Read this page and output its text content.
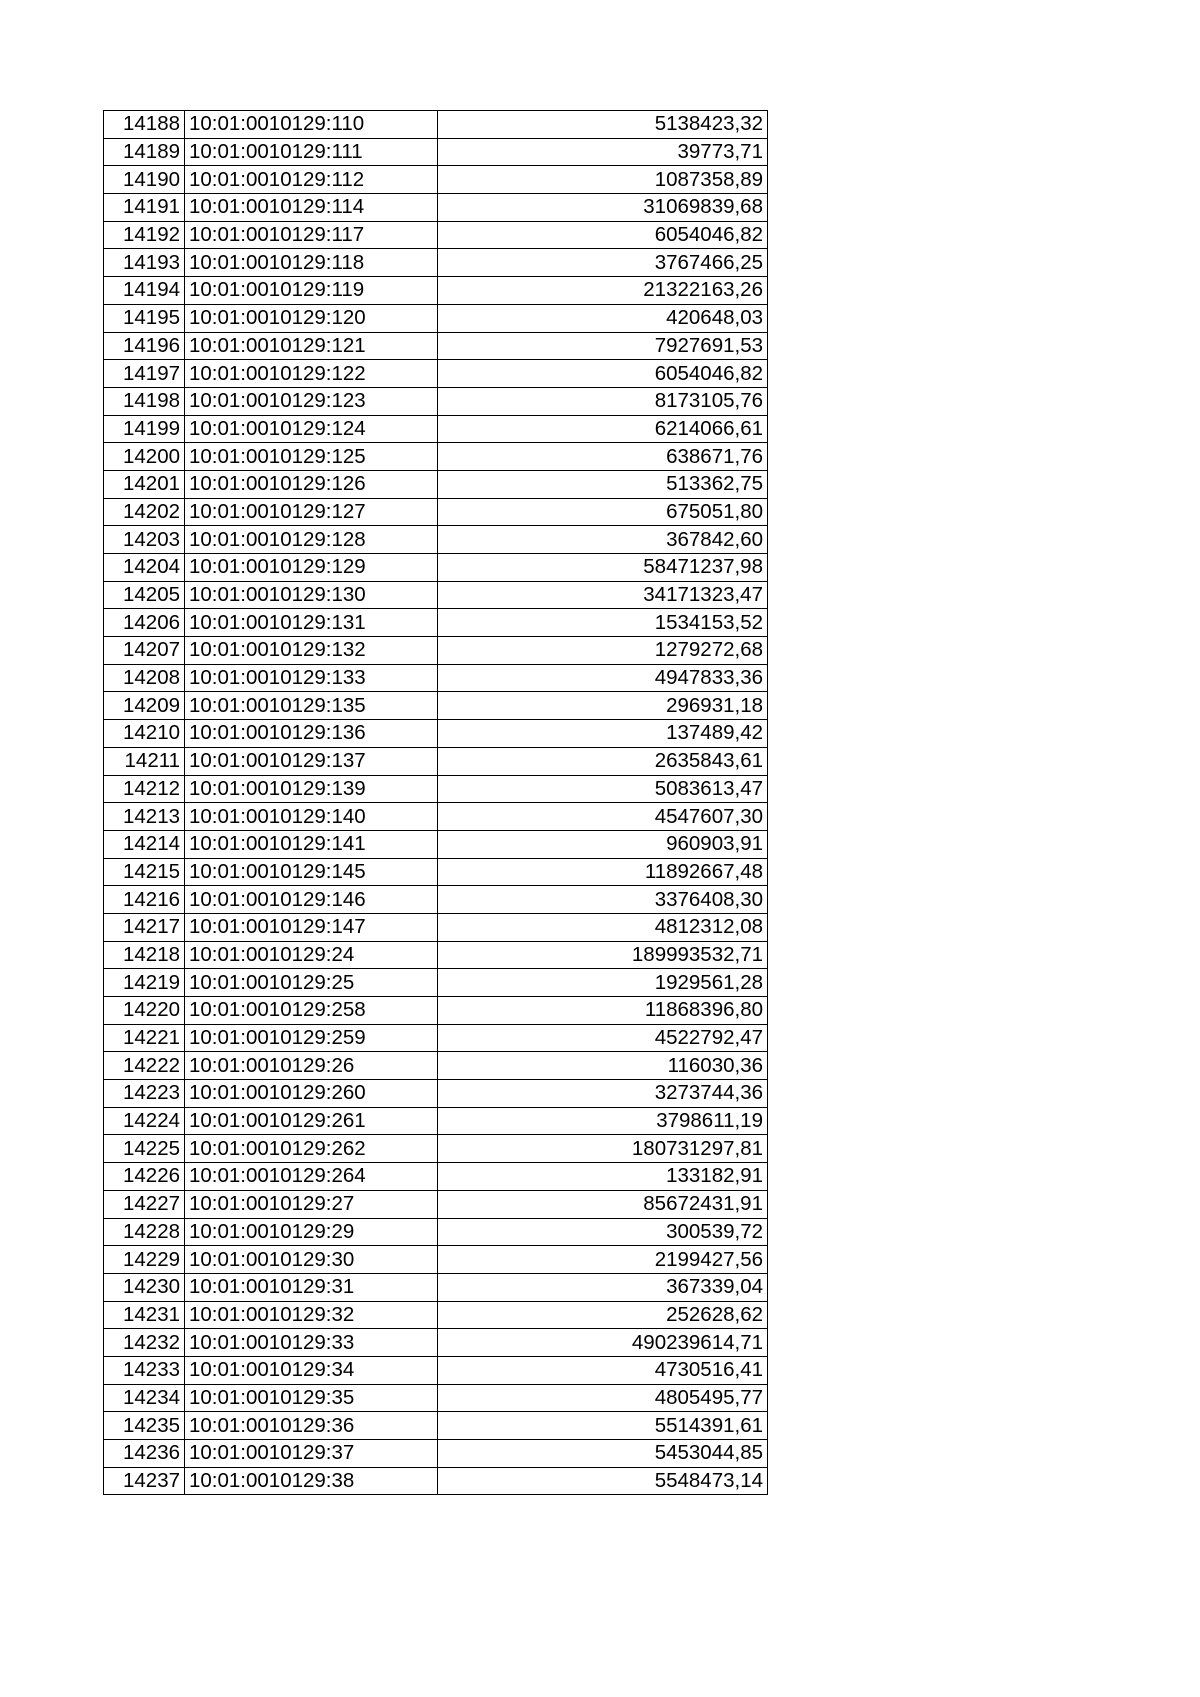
14188	10:01:0010129:110	5138423,32
14189	10:01:0010129:111	39773,71
14190	10:01:0010129:112	1087358,89
14191	10:01:0010129:114	31069839,68
14192	10:01:0010129:117	6054046,82
14193	10:01:0010129:118	3767466,25
14194	10:01:0010129:119	21322163,26
14195	10:01:0010129:120	420648,03
14196	10:01:0010129:121	7927691,53
14197	10:01:0010129:122	6054046,82
14198	10:01:0010129:123	8173105,76
14199	10:01:0010129:124	6214066,61
14200	10:01:0010129:125	638671,76
14201	10:01:0010129:126	513362,75
14202	10:01:0010129:127	675051,80
14203	10:01:0010129:128	367842,60
14204	10:01:0010129:129	58471237,98
14205	10:01:0010129:130	34171323,47
14206	10:01:0010129:131	1534153,52
14207	10:01:0010129:132	1279272,68
14208	10:01:0010129:133	4947833,36
14209	10:01:0010129:135	296931,18
14210	10:01:0010129:136	137489,42
14211	10:01:0010129:137	2635843,61
14212	10:01:0010129:139	5083613,47
14213	10:01:0010129:140	4547607,30
14214	10:01:0010129:141	960903,91
14215	10:01:0010129:145	11892667,48
14216	10:01:0010129:146	3376408,30
14217	10:01:0010129:147	4812312,08
14218	10:01:0010129:24	189993532,71
14219	10:01:0010129:25	1929561,28
14220	10:01:0010129:258	11868396,80
14221	10:01:0010129:259	4522792,47
14222	10:01:0010129:26	116030,36
14223	10:01:0010129:260	3273744,36
14224	10:01:0010129:261	3798611,19
14225	10:01:0010129:262	180731297,81
14226	10:01:0010129:264	133182,91
14227	10:01:0010129:27	85672431,91
14228	10:01:0010129:29	300539,72
14229	10:01:0010129:30	2199427,56
14230	10:01:0010129:31	367339,04
14231	10:01:0010129:32	252628,62
14232	10:01:0010129:33	490239614,71
14233	10:01:0010129:34	4730516,41
14234	10:01:0010129:35	4805495,77
14235	10:01:0010129:36	5514391,61
14236	10:01:0010129:37	5453044,85
14237	10:01:0010129:38	5548473,14
